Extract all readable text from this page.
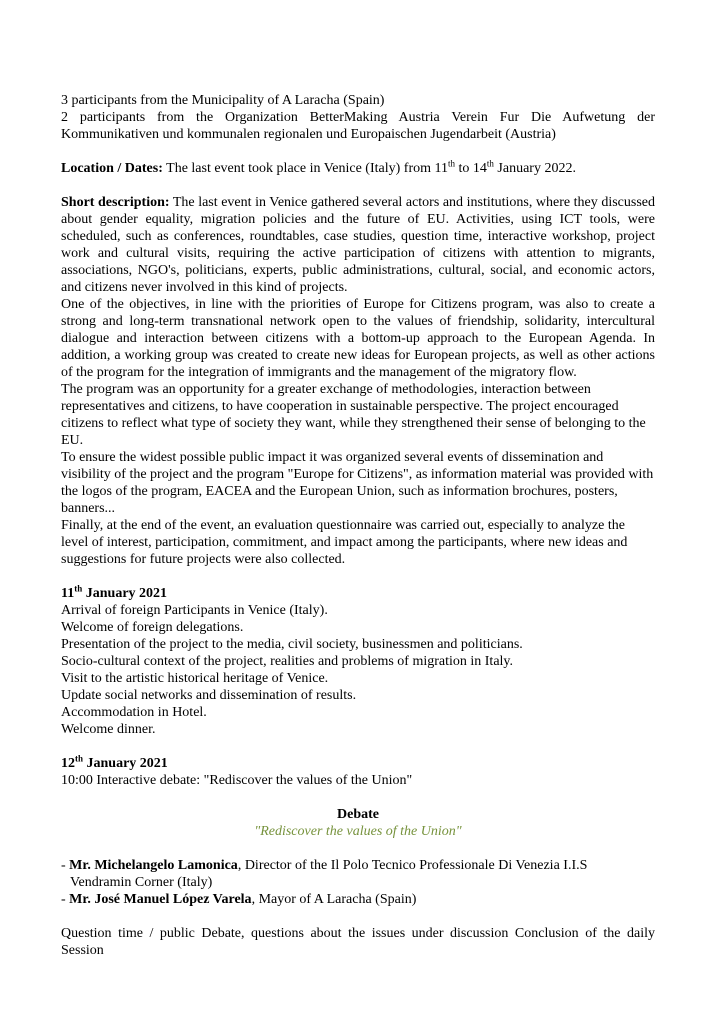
3 participants from the Municipality of A Laracha (Spain)

2 participants from the Organization BetterMaking Austria Verein Fur Die Aufwetung der Kommunikativen und kommunalen regionalen und Europaischen Jugendarbeit (Austria)

Location / Dates: The last event took place in Venice (Italy) from 11th to 14th January 2022.

Short description: The last event in Venice gathered several actors and institutions, where they discussed about gender equality, migration policies and the future of EU. Activities, using ICT tools, were scheduled, such as conferences, roundtables, case studies, question time, interactive workshop, project work and cultural visits, requiring the active participation of citizens with attention to migrants, associations, NGO's, politicians, experts, public administrations, cultural, social, and economic actors, and citizens never involved in this kind of projects.

One of the objectives, in line with the priorities of Europe for Citizens program, was also to create a strong and long-term transnational network open to the values of friendship, solidarity, intercultural dialogue and interaction between citizens with a bottom-up approach to the European Agenda. In addition, a working group was created to create new ideas for European projects, as well as other actions of the program for the integration of immigrants and the management of the migratory flow.

The program was an opportunity for a greater exchange of methodologies, interaction between representatives and citizens, to have cooperation in sustainable perspective. The project encouraged citizens to reflect what type of society they want, while they strengthened their sense of belonging to the EU.

To ensure the widest possible public impact it was organized several events of dissemination and visibility of the project and the program "Europe for Citizens", as information material was provided with the logos of the program, EACEA and the European Union, such as information brochures, posters, banners...

Finally, at the end of the event, an evaluation questionnaire was carried out, especially to analyze the level of interest, participation, commitment, and impact among the participants, where new ideas and suggestions for future projects were also collected.

11th January 2021

Arrival of foreign Participants in Venice (Italy).

Welcome of foreign delegations.

Presentation of the project to the media, civil society, businessmen and politicians.

Socio-cultural context of the project, realities and problems of migration in Italy.

Visit to the artistic historical heritage of Venice.

Update social networks and dissemination of results.

Accommodation in Hotel.

Welcome dinner.

12th January 2021

10:00 Interactive debate: "Rediscover the values of the Union"

Debate

"Rediscover the values of the Union"

- Mr. Michelangelo Lamonica, Director of the Il Polo Tecnico Professionale Di Venezia I.I.S

Vendramin Corner (Italy)

- Mr. José Manuel López Varela, Mayor of A Laracha (Spain)

Question time / public Debate, questions about the issues under discussion Conclusion of the daily Session
